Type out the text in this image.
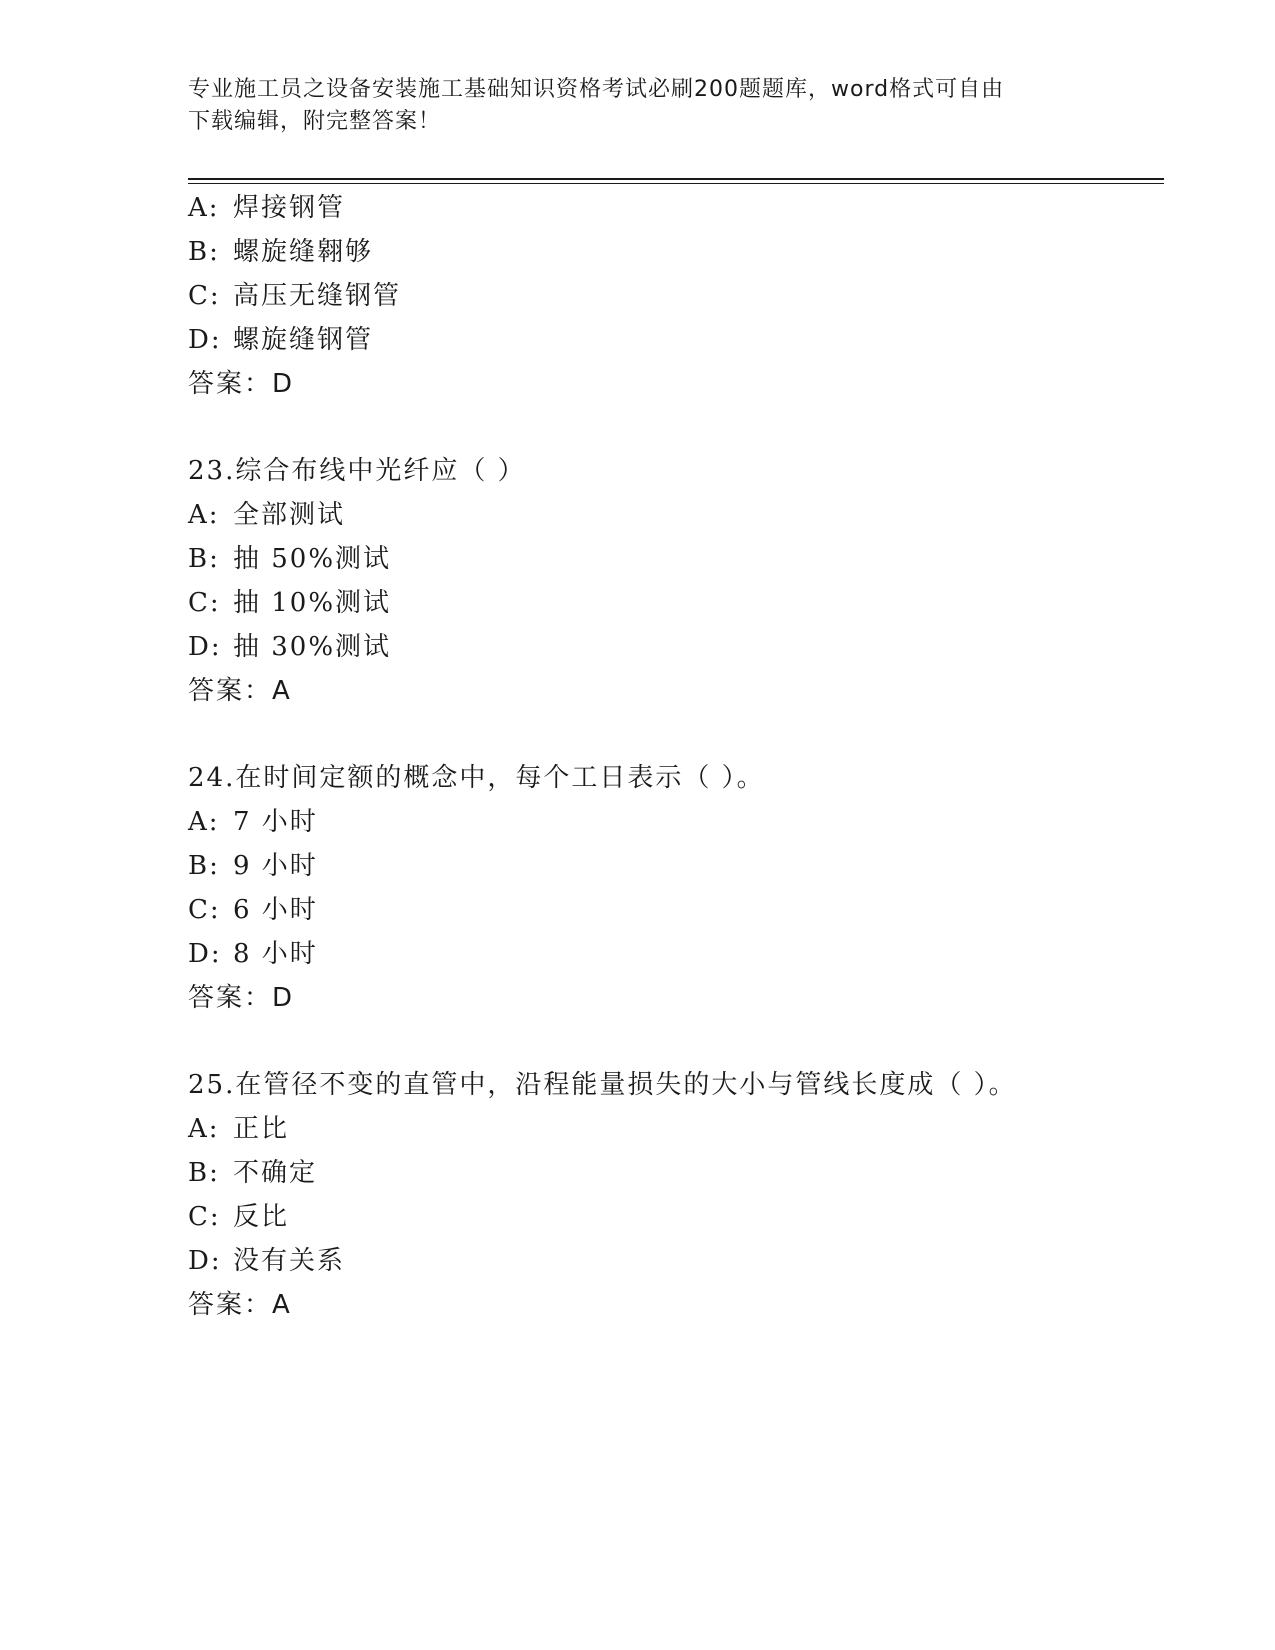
专业施工员之设备安装施工基础知识资格考试必刷200题题库，word格式可自由
下载编辑，附完整答案！
A: 焊接钢管
B: 螺旋缝翱够
C: 高压无缝钢管
D: 螺旋缝钢管
答案：D
23.综合布线中光纤应（ ）
A: 全部测试
B: 抽 50%测试
C: 抽 10%测试
D: 抽 30%测试
答案：A
24.在时间定额的概念中，每个工日表示（ ）。
A: 7 小时
B: 9 小时
C: 6 小时
D: 8 小时
答案：D
25.在管径不变的直管中，沿程能量损失的大小与管线长度成（ ）。
A: 正比
B: 不确定
C: 反比
D: 没有关系
答案：A
